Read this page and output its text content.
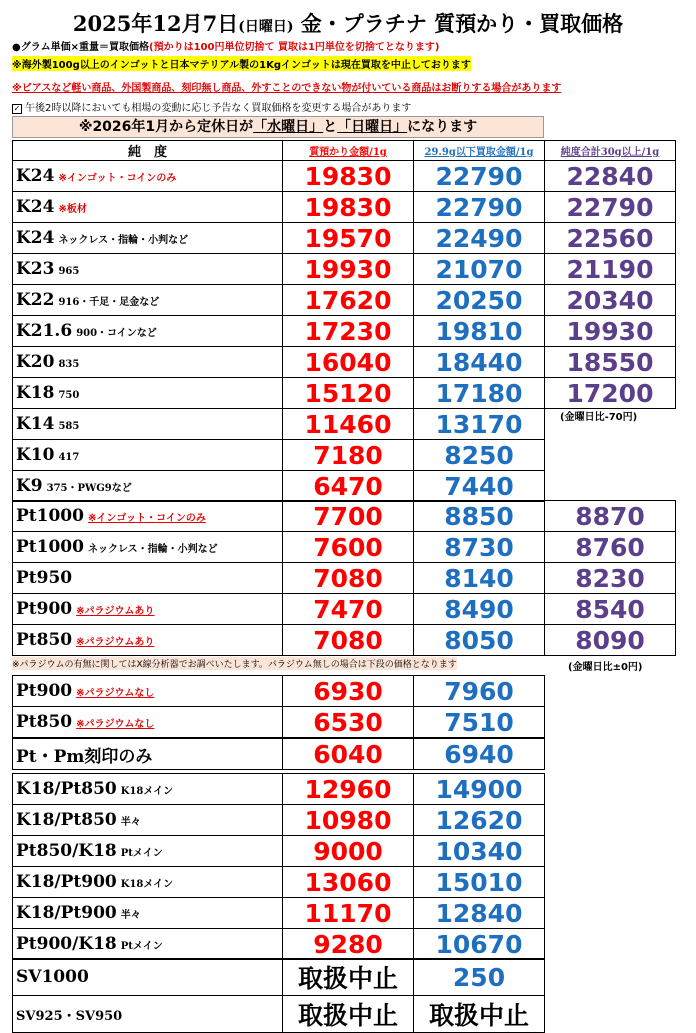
2025年12月7日(日曜日) 金・プラチナ 質預かり・買取価格
●グラム単価×重量＝買取価格(預かりは100円単位切捨て 買取は1円単位を切捨てとなります)
※海外製100g以上のインゴットと日本マテリアル製の1Kgインゴットは現在買取を中止しております
※ピアスなど軽い商品、外国製商品、刻印無し商品、外すことのできない物が付いている商品はお断りする場合があります
✓ 午後2時以降においても相場の変動に応じ予告なく買取価格を変更する場合があります
※2026年1月から定休日が「水曜日」と「日曜日」になります
純　度	質預かり金額/1g	29.9g以下買取金額/1g	純度合計30g以上/1g
K24 ※インゴット・コインのみ	19830	22790	22840
K24 ※板材	19830	22790	22790
K24 ネックレス・指輪・小判など	19570	22490	22560
K23 965	19930	21070	21190
K22 916・千足・足金など	17620	20250	20340
K21.6 900・コインなど	17230	19810	19930
K20 835	16040	18440	18550
K18 750	15120	17180	17200
K14 585	11460	13170	
K10 417	7180	8250	
K9 375・PWG9など	6470	7440	
(金曜日比-70円)
Pt1000 ※インゴット・コインのみ	7700	8850	8870
Pt1000 ネックレス・指輪・小判など	7600	8730	8760
Pt950	7080	8140	8230
Pt900 ※パラジウムあり	7470	8490	8540
Pt850 ※パラジウムあり	7080	8050	8090
※パラジウムの有無に関してはX線分析器でお調べいたします。パラジウム無しの場合は下段の価格となります	(金曜日比±0円)
Pt900 ※パラジウムなし	6930	7960
Pt850 ※パラジウムなし	6530	7510
Pt・Pm刻印のみ	6040	6940
K18/Pt850 K18メイン	12960	14900
K18/Pt850 半々	10980	12620
Pt850/K18 Ptメイン	9000	10340
K18/Pt900 K18メイン	13060	15010
K18/Pt900 半々	11170	12840
Pt900/K18 Ptメイン	9280	10670
SV1000	取扱中止	250
SV925・SV950	取扱中止	取扱中止
